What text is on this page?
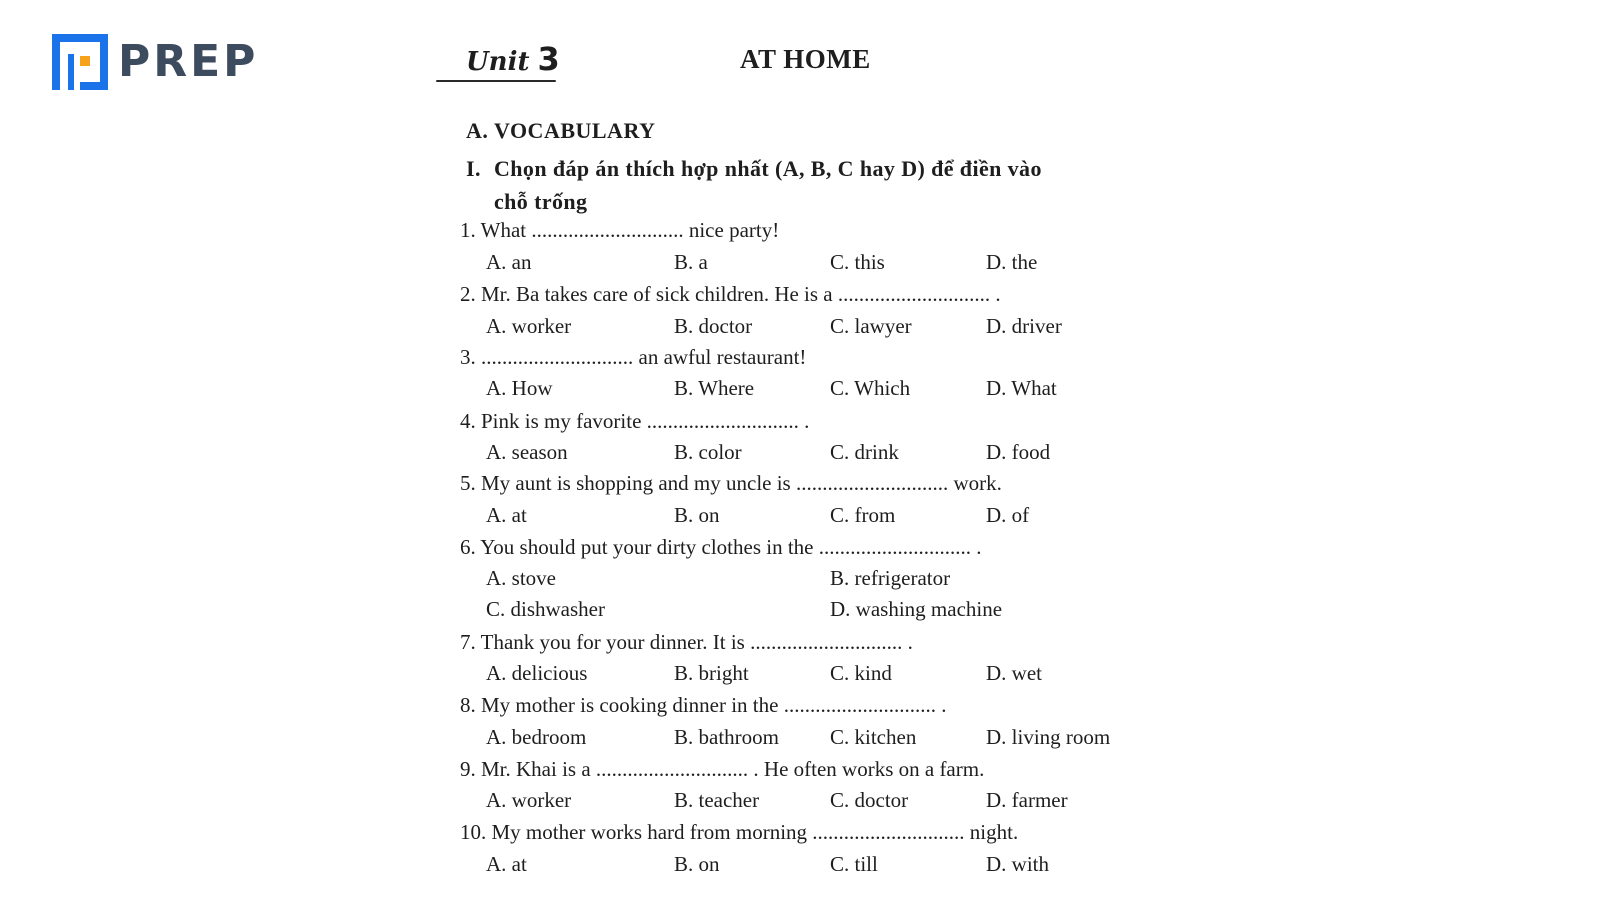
PREP	Unit 3	AT HOME
A. VOCABULARY
I. Chọn đáp án thích hợp nhất (A, B, C hay D) để điền vào
chỗ trống
1. What ............................. nice party!
A. an	B. a	C. this	D. the
2. Mr. Ba takes care of sick children. He is a ............................. .
A. worker	B. doctor	C. lawyer	D. driver
3. ............................. an awful restaurant!
A. How	B. Where	C. Which	D. What
4. Pink is my favorite ............................. .
A. season	B. color	C. drink	D. food
5. My aunt is shopping and my uncle is ............................. work.
A. at	B. on	C. from	D. of
6. You should put your dirty clothes in the ............................. .
A. stove	B. refrigerator
C. dishwasher	D. washing machine
7. Thank you for your dinner. It is ............................. .
A. delicious	B. bright	C. kind	D. wet
8. My mother is cooking dinner in the ............................. .
A. bedroom	B. bathroom C. kitchen	D. living room
9. Mr. Khai is a ............................. . He often works on a farm.
A. worker	B. teacher	C. doctor	D. farmer
10. My mother works hard from morning ............................. night.
A. at	B. on	C. till	D. with
